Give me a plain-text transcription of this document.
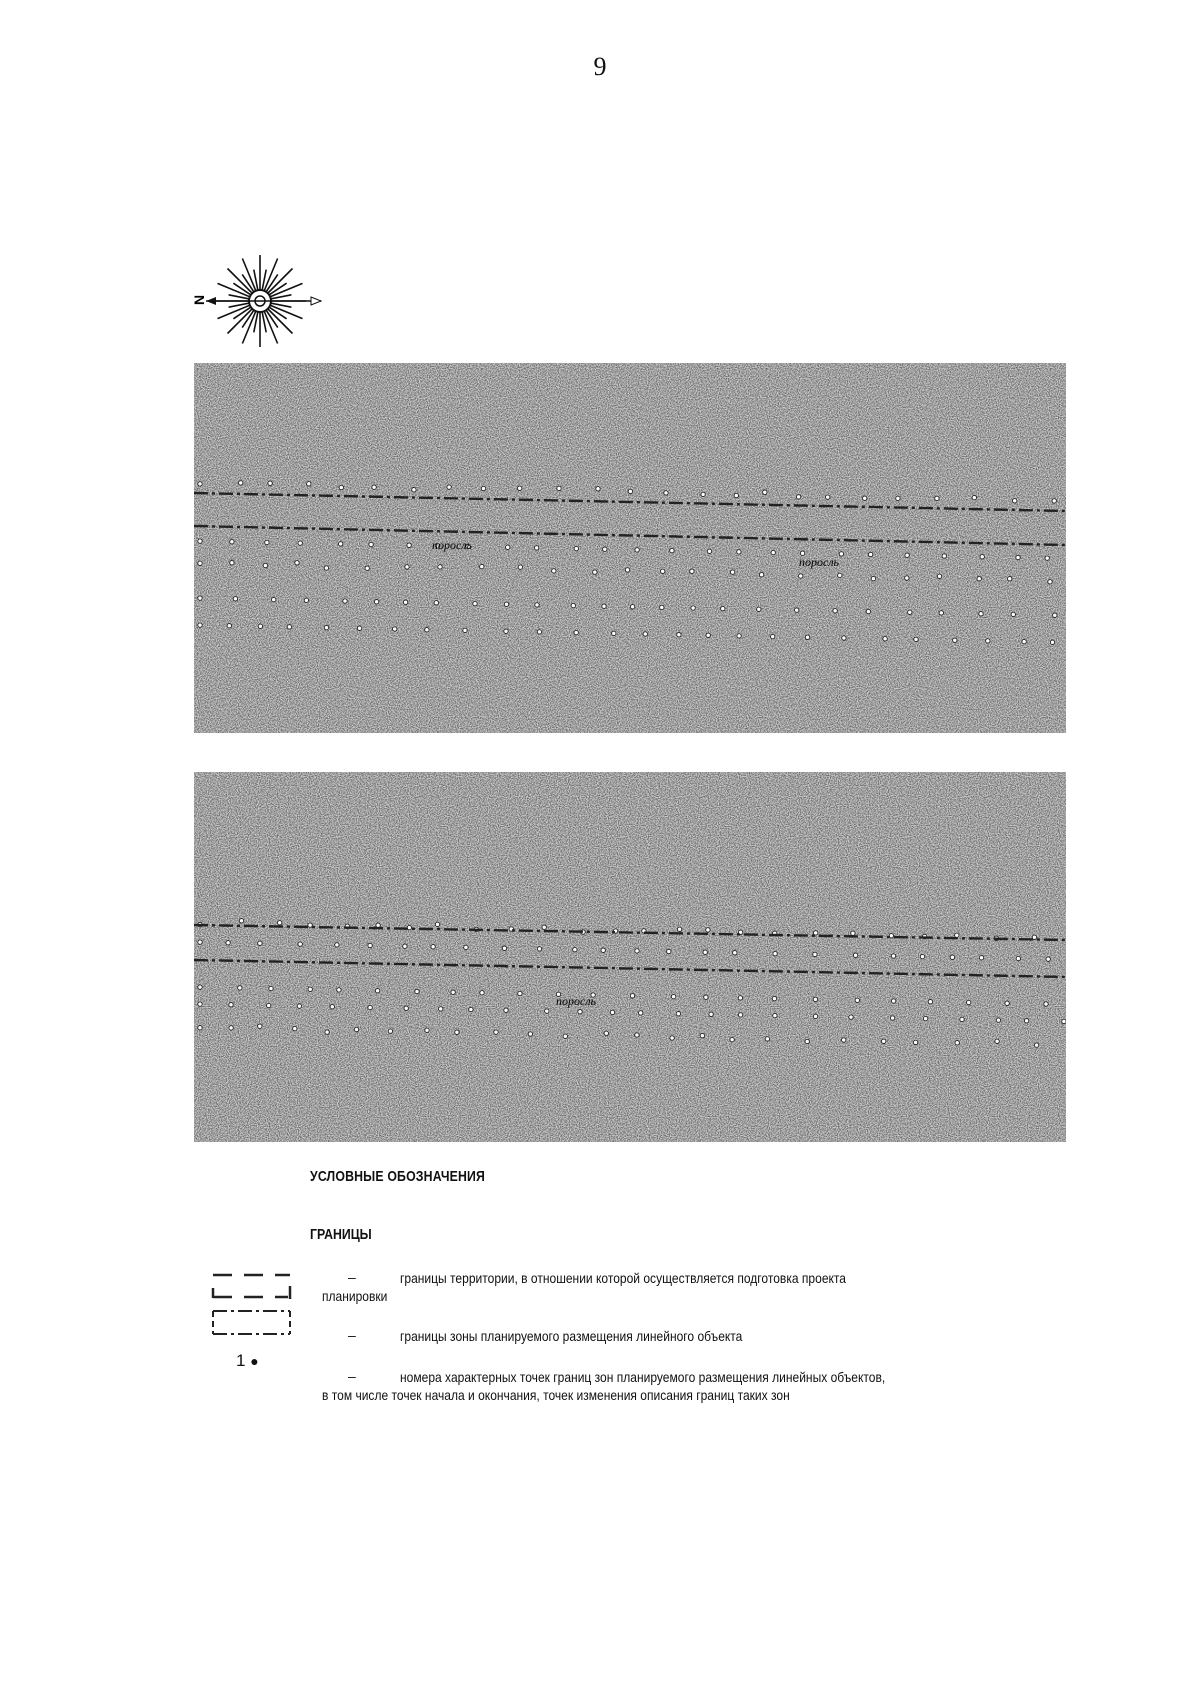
9
N
поросль
поросль
поросль
УСЛОВНЫЕ ОБОЗНАЧЕНИЯ
ГРАНИЦЫ
–	границы территории, в отношении которой осуществляется подготовка проекта
планировки
–	границы зоны планируемого размещения линейного объекта
1 ●
–	номера характерных точек границ зон планируемого размещения линейных объектов,
в том числе точек начала и окончания, точек изменения описания границ таких зон
